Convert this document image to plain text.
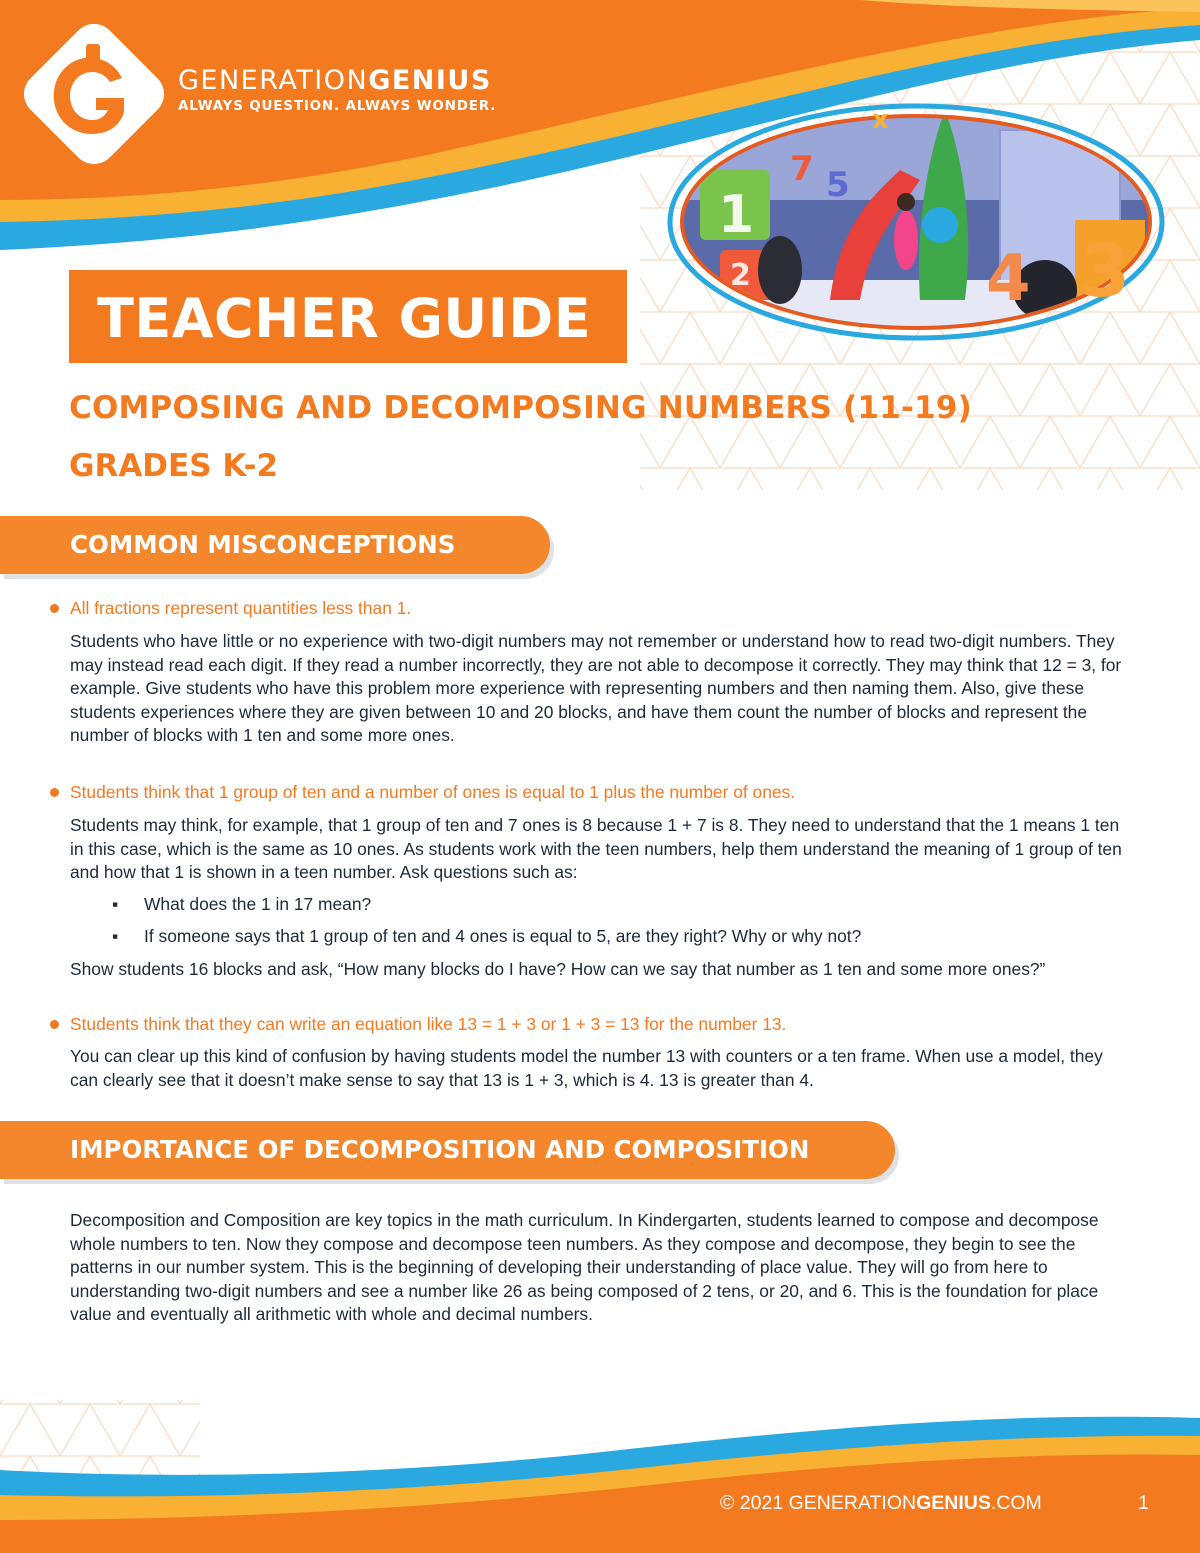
1
2
7 5
4 3
x
GENERATIONGENIUS
ALWAYS QUESTION. ALWAYS WONDER.
TEACHER GUIDE
COMPOSING AND DECOMPOSING NUMBERS (11-19)
GRADES K-2
COMMON MISCONCEPTIONS
All fractions represent quantities less than 1.
Students who have little or no experience with two-digit numbers may not remember or understand how to read two-digit numbers. They may instead read each digit. If they read a number incorrectly, they are not able to decompose it correctly. They may think that 12 = 3, for example. Give students who have this problem more experience with representing numbers and then naming them. Also, give these students experiences where they are given between 10 and 20 blocks, and have them count the number of blocks and represent the number of blocks with 1 ten and some more ones.
Students think that 1 group of ten and a number of ones is equal to 1 plus the number of ones.
Students may think, for example, that 1 group of ten and 7 ones is 8 because 1 + 7 is 8. They need to understand that the 1 means 1 ten in this case, which is the same as 10 ones. As students work with the teen numbers, help them understand the meaning of 1 group of ten and how that 1 is shown in a teen number. Ask questions such as:
▪ What does the 1 in 17 mean?
▪ If someone says that 1 group of ten and 4 ones is equal to 5, are they right? Why or why not?
Show students 16 blocks and ask, “How many blocks do I have? How can we say that number as 1 ten and some more ones?”
Students think that they can write an equation like 13 = 1 + 3 or 1 + 3 = 13 for the number 13.
You can clear up this kind of confusion by having students model the number 13 with counters or a ten frame. When use a model, they can clearly see that it doesn’t make sense to say that 13 is 1 + 3, which is 4. 13 is greater than 4.
IMPORTANCE OF DECOMPOSITION AND COMPOSITION
Decomposition and Composition are key topics in the math curriculum. In Kindergarten, students learned to compose and decompose whole numbers to ten. Now they compose and decompose teen numbers. As they compose and decompose, they begin to see the patterns in our number system. This is the beginning of developing their understanding of place value. They will go from here to understanding two-digit numbers and see a number like 26 as being composed of 2 tens, or 20, and 6. This is the foundation for place value and eventually all arithmetic with whole and decimal numbers.
© 2021 GENERATIONGENIUS.COM	1
